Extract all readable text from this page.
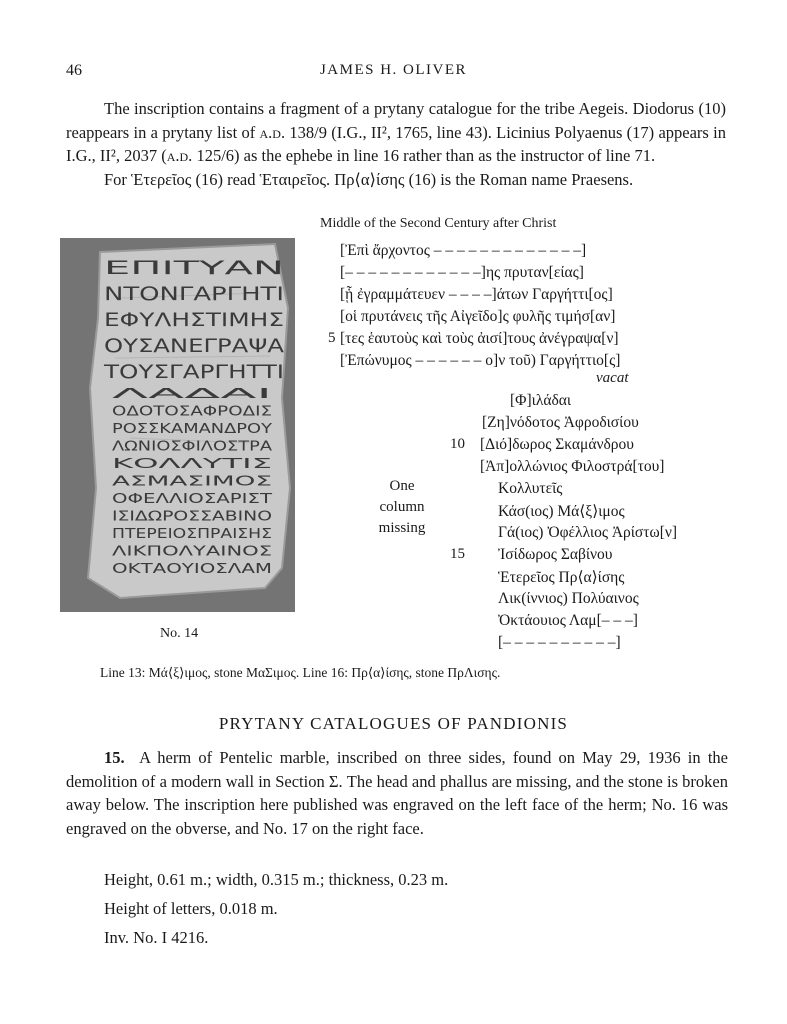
46	JAMES H. OLIVER

The inscription contains a fragment of a prytany catalogue for the tribe Aegeis. Diodorus (10) reappears in a prytany list of a.d. 138/9 (I.G., II², 1765, line 43). Licinius Polyaenus (17) appears in I.G., II², 2037 (a.d. 125/6) as the ephebe in line 16 rather than as the instructor of line 71.

For Ἑτερεῖος (16) read Ἑταιρεῖος. Πρ⟨α⟩ίσης (16) is the Roman name Praesens.

Middle of the Second Century after Christ
ΕΠΙΤΥΑΝ
ΝΤΟΝΓΑΡΓΗΤΙ
ΕΦΥΛΗΣΤΙΜΗΣ
ΟΥΣΑΝΕΓΡΑΨΑ
ΤΟΥΣΓΑΡΓΗΤΤΙ
ΛΑΔΑΙ
ΟΔΟΤΟΣΑΦΡΟΔΙΣ
ΡΟΣΣΚΑΜΑΝΔΡΟΥ
ΛΩΝΙΟΣΦΙΛΟΣΤΡΑ
ΚΟΛΛΥΤΙΣ
ΑΣΜΑΣΙΜΟΣ
ΟΦΕΛΛΙΟΣΑΡΙΣΤ
ΙΣΙΔΩΡΟΣΣΑΒΙΝΟ
ΠΤΕΡΕΙΟΣΠΡΑΙΣΗΣ
ΛΙΚΠΟΛΥΑΙΝΟΣ
ΟΚΤΑΟΥΙΟΣΛΑΜ
No. 14
5
[Ἐπὶ ἄρχοντος – – – – – – – – – – – – –]
[– – – – – – – – – – – –]ης πρυταν[είας]
[ᾗ ἐγραμμάτευεν – – – –]άτων Γαργήττι[ος]
[οἱ πρυτάνεις τῆς Αἰγεῖδο]ς φυλῆς τιμήσ[αν]
[τες ἑαυτοὺς καὶ τοὺς ἀισί]τους ἀνέγραψα[ν]
[Ἐπώνυμος – – – – – – ο]ν τοῦ) Γαργήττιο[ς]
[Φ]ιλάδαι
[Ζη]νόδοτος Ἀφροδισίου
10 [Διό]δωρος Σκαμάνδρου
[Ἀπ]ολλώνιος Φιλοστρά[του]
Κολλυτεῖς
Κάσ(ιος) Μά⟨ξ⟩ιμος
Γά(ιος) Ὀφέλλιος Ἀρίστω[ν]
15 Ἰσίδωρος Σαβίνου
Ἑτερεῖος Πρ⟨α⟩ίσης
Λικ(ίννιος) Πολύαινος
Ὀκτάουιος Λαμ[– – –]
[– – – – – – – – – –]
vacat
One
column
missing
Line 13: Μά⟨ξ⟩ιμος, stone ΜαΣιμος. Line 16: Πρ⟨α⟩ίσης, stone ΠρΛισης.
PRYTANY CATALOGUES OF PANDIONIS

15. A herm of Pentelic marble, inscribed on three sides, found on May 29, 1936 in the demolition of a modern wall in Section Σ. The head and phallus are missing, and the stone is broken away below. The inscription here published was engraved on the left face of the herm; No. 16 was engraved on the obverse, and No. 17 on the right face.

Height, 0.61 m.; width, 0.315 m.; thickness, 0.23 m.
Height of letters, 0.018 m.
Inv. No. I 4216.
